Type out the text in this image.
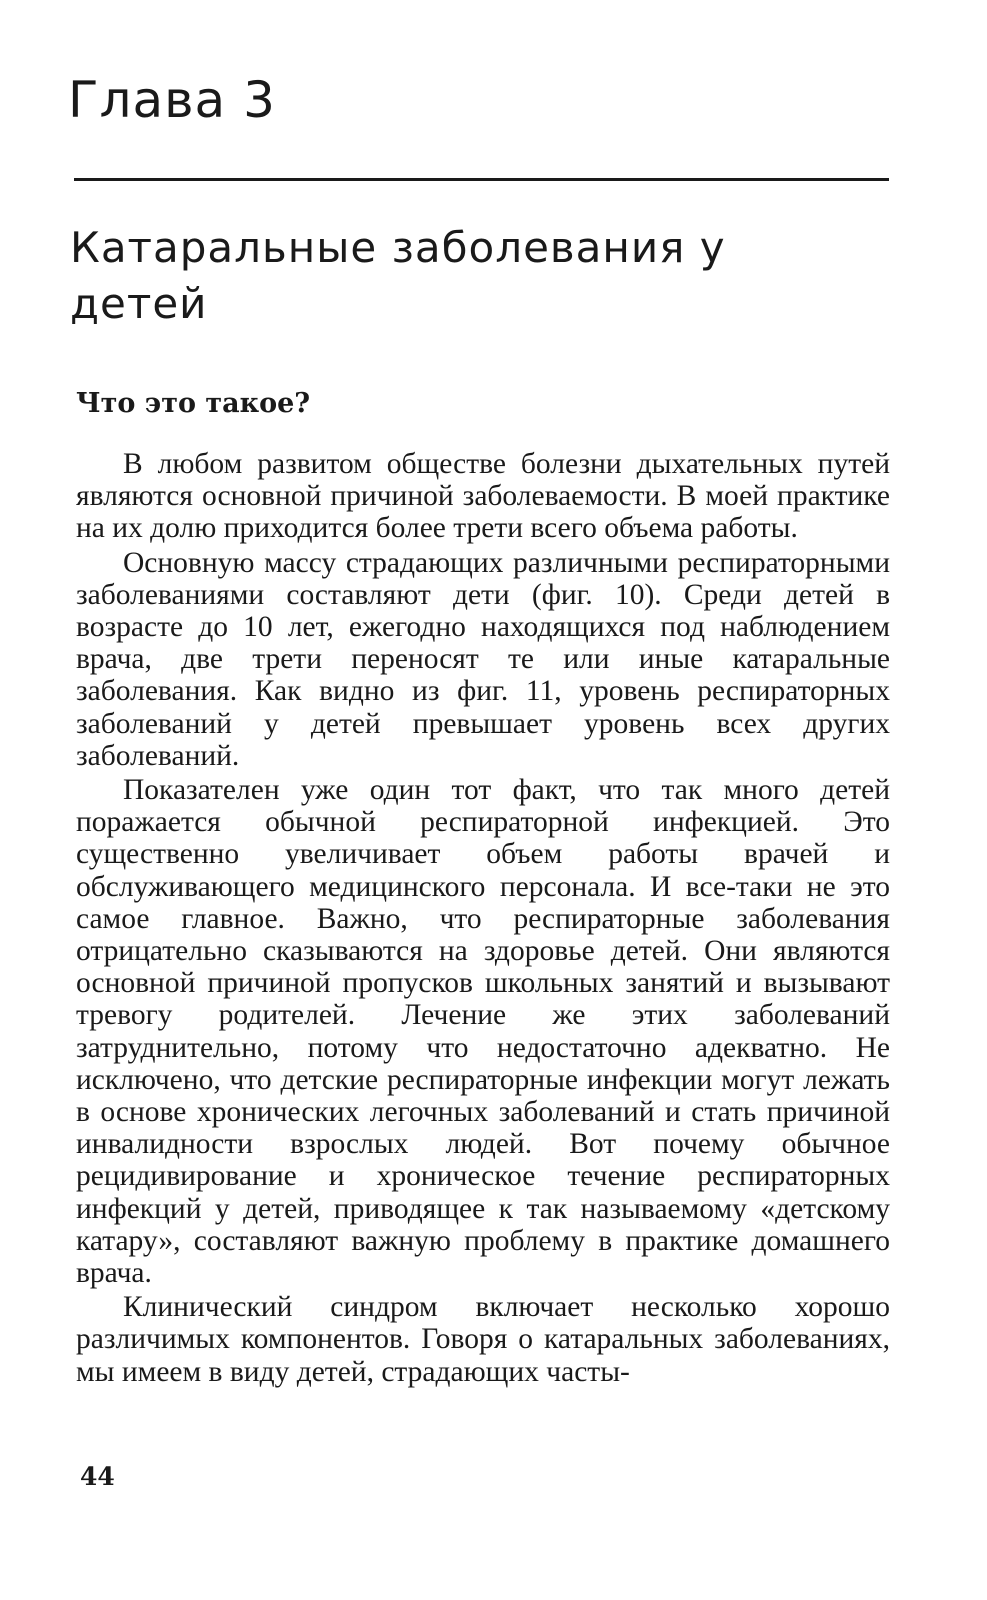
Глава 3
Катаральные заболевания у детей
Что это такое?

В любом развитом обществе болезни дыхательных путей являются основной причиной заболеваемости. В моей практике на их долю приходится более трети всего объема работы.

Основную массу страдающих различными респираторными заболеваниями составляют дети (фиг. 10). Среди детей в возрасте до 10 лет, ежегодно находящихся под наблюдением врача, две трети переносят те или иные катаральные заболевания. Как видно из фиг. 11, уровень респираторных заболеваний у детей превышает уровень всех других заболеваний.

Показателен уже один тот факт, что так много детей поражается обычной респираторной инфекцией. Это существенно увеличивает объем работы врачей и обслуживающего медицинского персонала. И все-таки не это самое главное. Важно, что респираторные заболевания отрицательно сказываются на здоровье детей. Они являются основной причиной пропусков школьных занятий и вызывают тревогу родителей. Лечение же этих заболеваний затруднительно, потому что недостаточно адекватно. Не исключено, что детские респираторные инфекции могут лежать в основе хронических легочных заболеваний и стать причиной инвалидности взрослых людей. Вот почему обычное рецидивирование и хроническое течение респираторных инфекций у детей, приводящее к так называемому «детскому катару», составляют важную проблему в практике домашнего врача.

Клинический синдром включает несколько хорошо различимых компонентов. Говоря о катаральных заболеваниях, мы имеем в виду детей, страдающих часты-

44
